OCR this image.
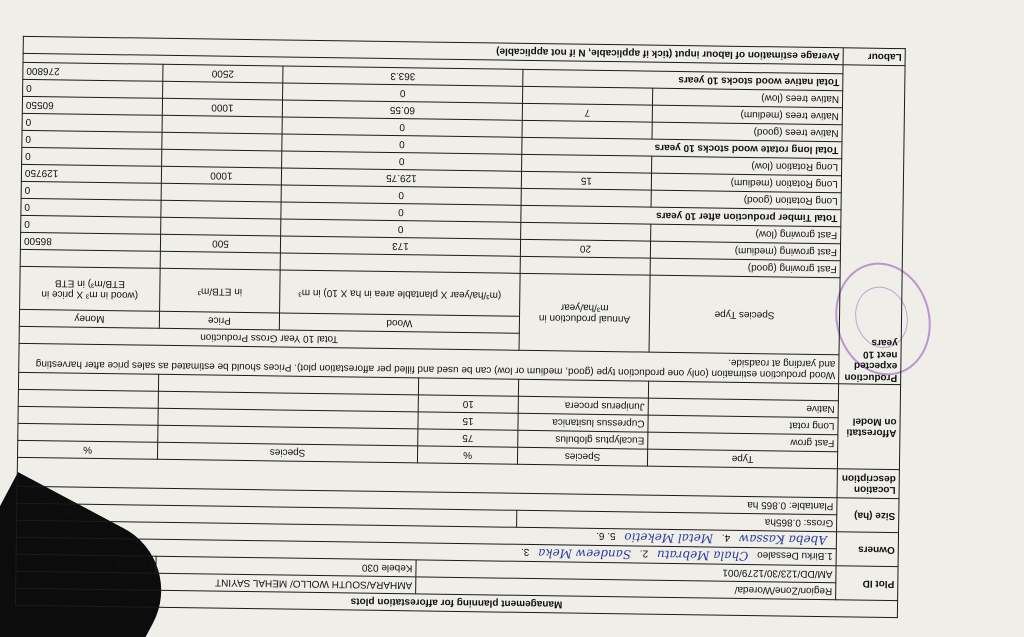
Management planning for afforestation plots						
Plot ID	Region/Zone/Woreda/			AMHARA/SOUTH WOLLO/ MEHAL SAYINT		
	AM/DD/123/30/1279/001			Kebele 030		Plot 001
Owners	1.Birku Dessaleo Chala Mebratu 2. Sandeew Meka 3.					
	Abeba Kassaw 4. Metal Meketio 5. 6.					
Size (ha)	Gross: 0.865ha		Site Class 2 +			
	Plantable: 0.865 ha					
Location description						
Afforestati on Model	Type	Species	%	Species		%
	Fast grow	Eucalyptus globulus	75			
	Long rotat	Cupressus lusitanica	15			
	Native	Juniperus procera	10			

Production expected next 10 years	Wood production estimation (only one production type (good, medium or low) can be used and filled per afforestation plot). Prices should be estimated as sales price after harvesting and yarding at roadside.					
	Species Type	Annual production in m³/ha/year	Total 10 Year Gross Production			
			Wood		Price	Money
			(m³/ha/year X plantable area in ha X 10) in m³		in ETB/m³	(wood in m³ X price in ETB/m³) in ETB
	Fast growing (good)					
	Fast growing (medium)	20	173		500	86500
	Fast growing (low)		0			0
	Total Timber production after 10 years		0			0
	Long Rotation (good)		0			0
	Long Rotation (medium)	15	129.75		1000	129750
	Long Rotation (low)		0			0
	Total long rotate wood stocks 10 years		0			0
	Native trees (good)		0			0
	Native trees (medium)	7	60.55		1000	60550
	Native trees (low)		0			0
	Total native wood stocks 10 years		363.3		2500	276800

Labour	Average estimation of labour input (tick if applicable, N if not applicable)					
